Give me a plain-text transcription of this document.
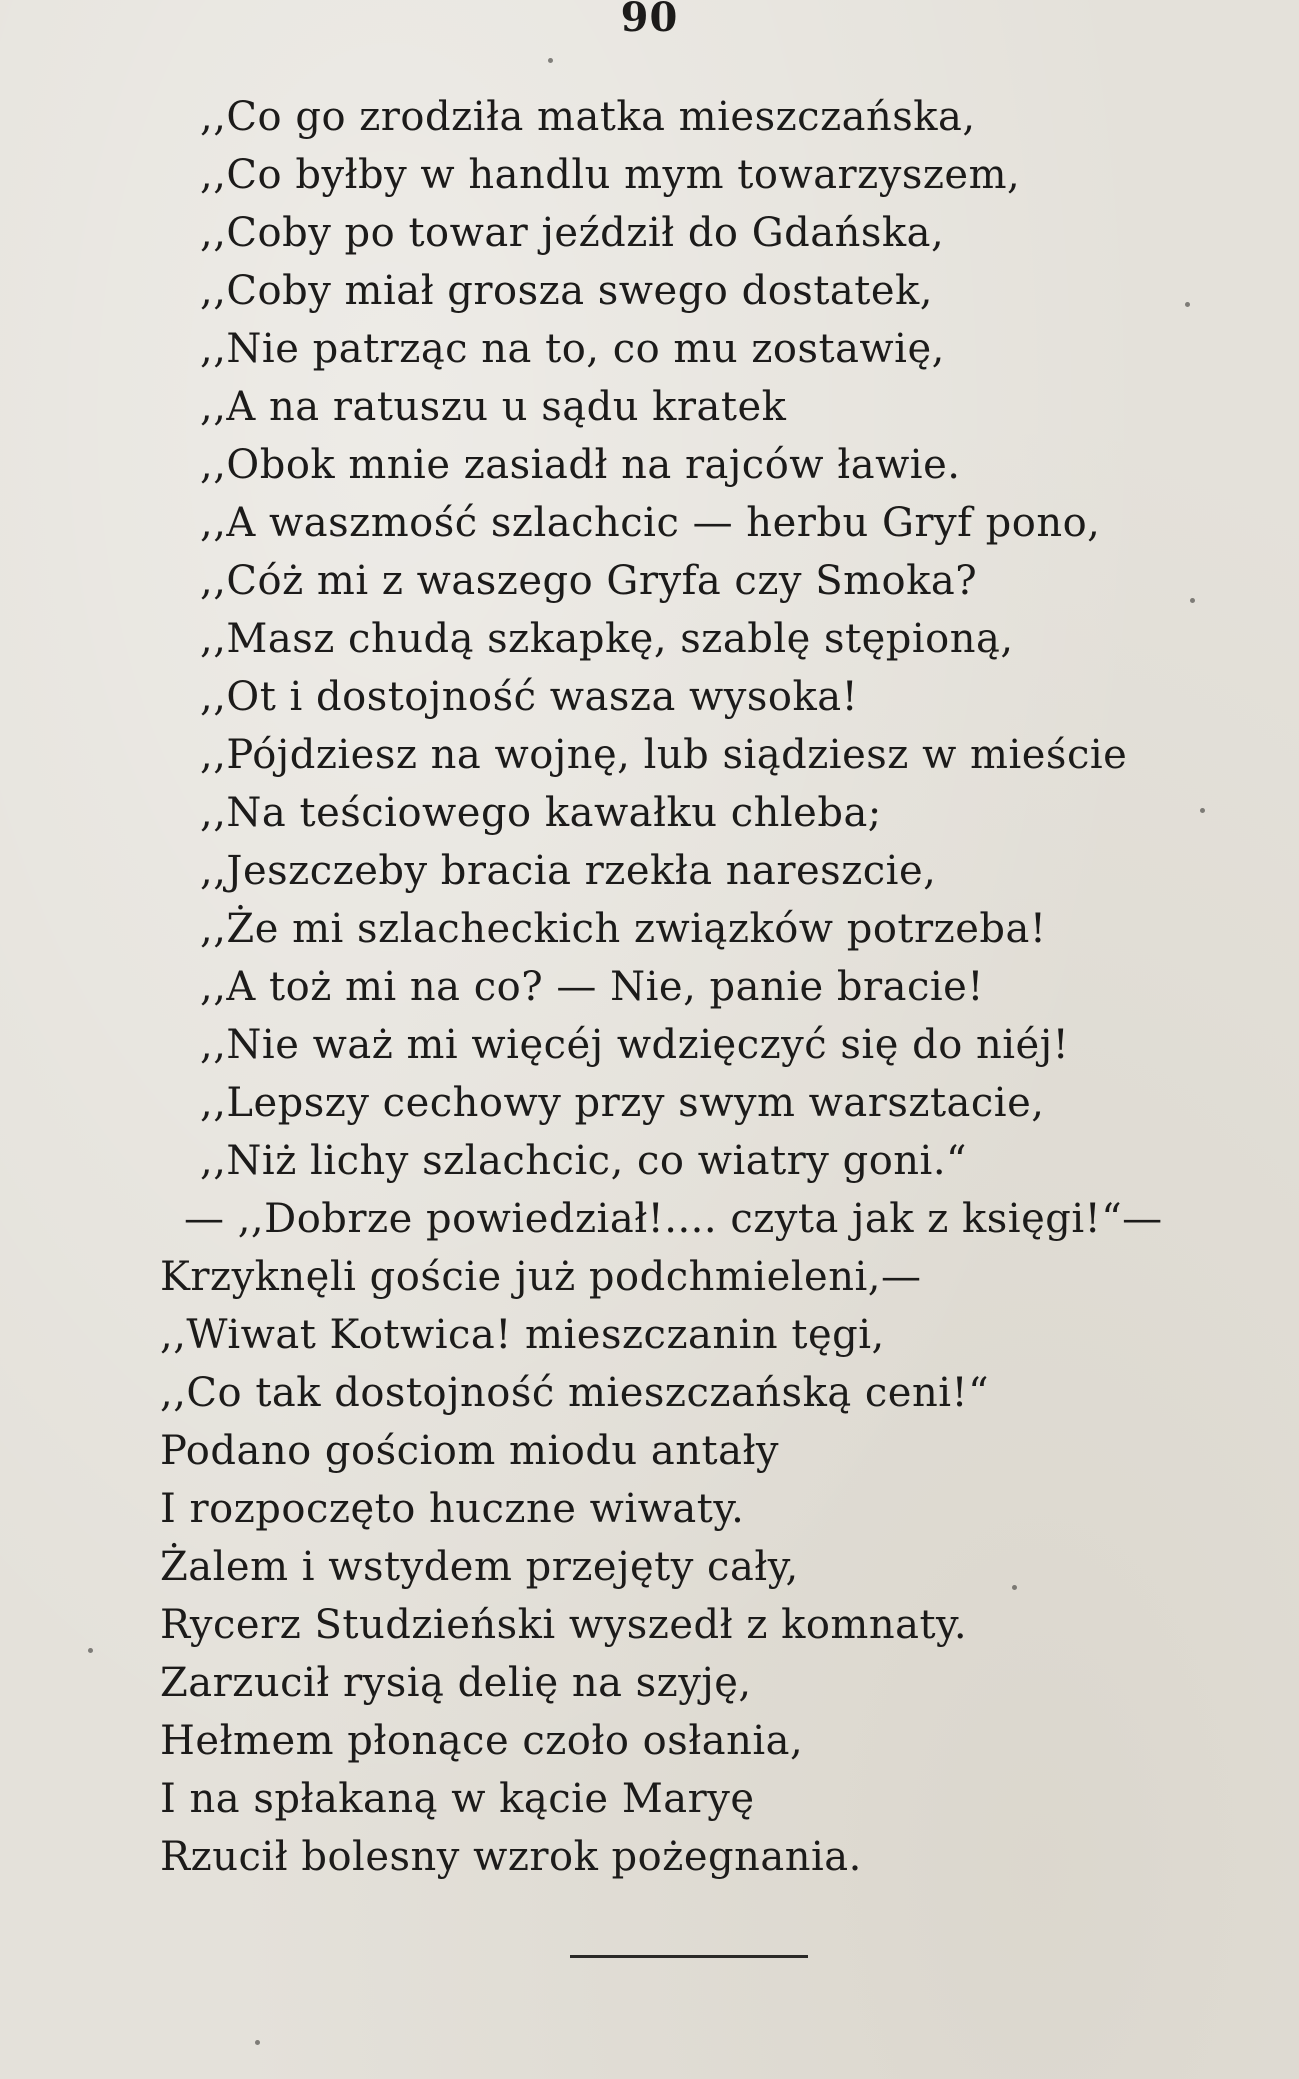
90
,,Co go zrodziła matka mieszczańska,
,,Co byłby w handlu mym towarzyszem,
,,Coby po towar jeździł do Gdańska,
,,Coby miał grosza swego dostatek,
,,Nie patrząc na to, co mu zostawię,
,,A na ratuszu u sądu kratek
,,Obok mnie zasiadł na rajców ławie.
,,A waszmość szlachcic — herbu Gryf pono,
,,Cóż mi z waszego Gryfa czy Smoka?
,,Masz chudą szkapkę, szablę stępioną,
,,Ot i dostojność wasza wysoka!
,,Pójdziesz na wojnę, lub siądziesz w mieście
,,Na teściowego kawałku chleba;
,,Jeszczeby bracia rzekła nareszcie,
,,Że mi szlacheckich związków potrzeba!
,,A toż mi na co? — Nie, panie bracie!
,,Nie waż mi więcéj wdzięczyć się do niéj!
,,Lepszy cechowy przy swym warsztacie,
,,Niż lichy szlachcic, co wiatry goni.“
— ,,Dobrze powiedział!.... czyta jak z księgi!“—
Krzyknęli goście już podchmieleni,—
,,Wiwat Kotwica! mieszczanin tęgi,
,,Co tak dostojność mieszczańską ceni!“
Podano gościom miodu antały
I rozpoczęto huczne wiwaty.
Żalem i wstydem przejęty cały,
Rycerz Studzieński wyszedł z komnaty.
Zarzucił rysią delię na szyję,
Hełmem płonące czoło osłania,
I na spłakaną w kącie Maryę
Rzucił bolesny wzrok pożegnania.
